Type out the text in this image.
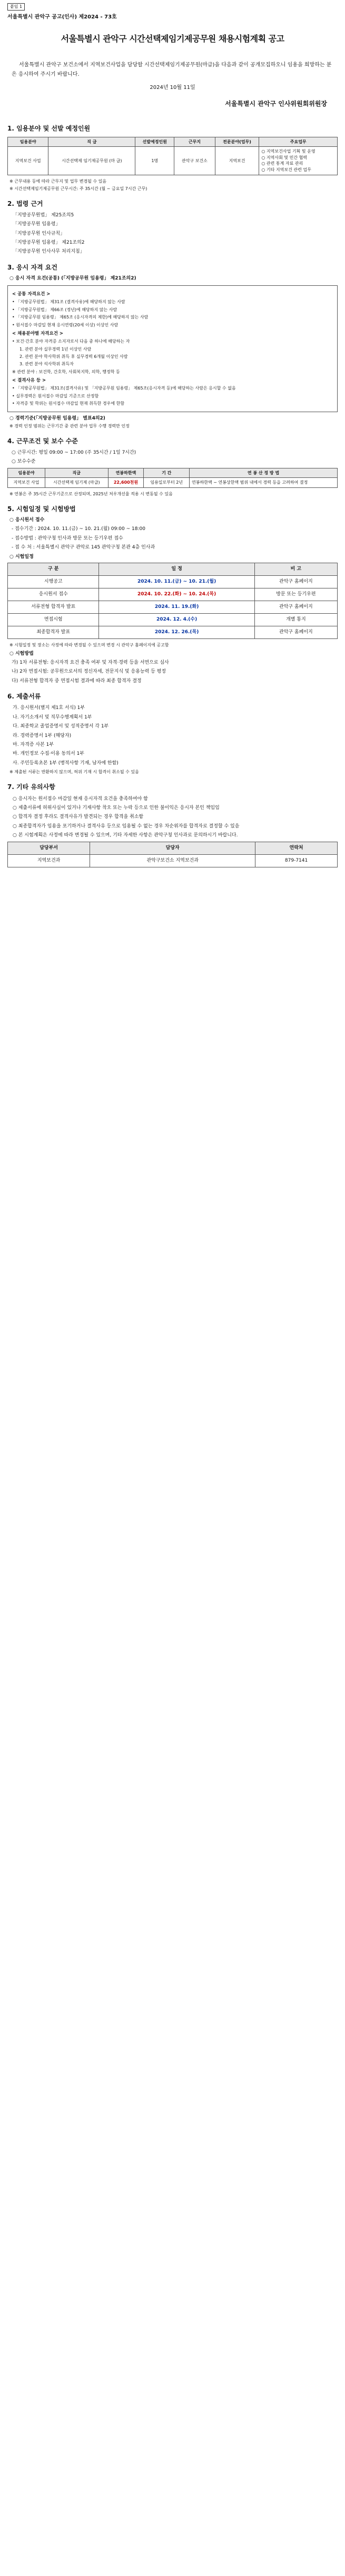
붙임 1
서울특별시 관악구 공고(인사) 제2024 - 73호
서울특별시 관악구 시간선택제임기제공무원 채용시험계획 공고

서울특별시 관악구 보건소에서 지역보건사업을 담당할 시간선택제임기제공무원(마급)을 다음과 같이 공개모집하오니 임용을 희망하는 분은 응시하여 주시기 바랍니다.

2024년 10월 11일
서울특별시 관악구 인사위원회위원장
1. 임용분야 및 선발 예정인원
임용분야	직 급	선발예정인원	근무지	전문분야(업무)	주요업무
지역보건 사업	시간선택제 임기제공무원 (마 급)	1명	관악구 보건소	지역보건	○ 지역보건사업 기획 및 운영
○ 지역사회 및 민간 협력
○ 관련 통계 자료 관리
○ 기타 지역보건 관련 업무

※ 근무내용 등에 따라 근무지 및 업무 변경될 수 있음

※ 시간선택제임기제공무원 근무시간: 주 35시간 (월 ~ 금요일 7시간 근무)

2. 법령 근거
「지방공무원법」 제25조의5
「지방공무원 임용령」
「지방공무원 인사규칙」
「지방공무원 임용령」 제21조의2
「지방공무원 인사사무 처리지침」
3. 응시 자격 요건

○ 응시 자격 요건(공통) (「지방공무원 임용령」 제21조의2)

< 공통 자격요건 >

• 「지방공무원법」 제31조 (결격사유)에 해당하지 않는 사람

• 「지방공무원법」 제66조 (정년)에 해당하지 않는 사람

• 「지방공무원 임용령」 제65조 (응시자격의 제한)에 해당하지 않는 사람

• 원서접수 마감일 현재 응시연령(20세 이상) 이상인 사람

< 채용분야별 자격요건 >

• 보건·간호 분야 자격증 소지자로서 다음 중 하나에 해당하는 자

1. 관련 분야 실무경력 1년 이상인 사람

2. 관련 분야 학사학위 취득 후 실무경력 6개월 이상인 사람

3. 관련 분야 석사학위 취득자

※ 관련 분야 : 보건학, 간호학, 사회복지학, 의학, 행정학 등

< 결격사유 등 >

• 「지방공무원법」 제31조(결격사유) 및 「지방공무원 임용령」 제65조(응시자격 등)에 해당하는 사람은 응시할 수 없음

• 실무경력은 원서접수 마감일 기준으로 산정함

• 자격증 및 학위는 원서접수 마감일 현재 취득한 경우에 한함

○ 경력기준(「지방공무원 임용령」 별표4의2)

※ 경력 인정 범위는 근무기간 중 관련 분야 업무 수행 경력만 인정

4. 근무조건 및 보수 수준

○ 근무시간: 평일 09:00 ~ 17:00 (주 35시간 / 1일 7시간)

○ 보수수준

임용분야	직급	연봉하한액	기 간	연 봉 산 정 방 법
지역보건 사업	시간선택제 임기제 (마급)	22,600천원	임용일로부터 2년	연봉하한액 ~ 연봉상한액 범위 내에서 경력 등을 고려하여 결정

※ 연봉은 주 35시간 근무기준으로 산정되며, 2025년 처우개선율 적용 시 변동될 수 있음

5. 시험일정 및 시험방법

○ 응시원서 접수

- 접수기간 : 2024. 10. 11.(금) ~ 10. 21.(월) 09:00 ~ 18:00

- 접수방법 : 관악구청 인사과 방문 또는 등기우편 접수

- 접 수 처 : 서울특별시 관악구 관악로 145 관악구청 본관 4층 인사과

○ 시험일정

구 분	일 정	비 고
시행공고	2024. 10. 11.(금) ~ 10. 21.(월)	관악구 홈페이지
응시원서 접수	2024. 10. 22.(화) ~ 10. 24.(목)	방문 또는 등기우편
서류전형 합격자 발표	2024. 11. 19.(화)	관악구 홈페이지
면접시험	2024. 12. 4.(수)	개별 통지
최종합격자 발표	2024. 12. 26.(목)	관악구 홈페이지

※ 시험일정 및 장소는 사정에 따라 변경될 수 있으며 변경 시 관악구 홈페이지에 공고함

○ 시험방법

가) 1차 서류전형: 응시자격 요건 충족 여부 및 자격·경력 등을 서면으로 심사

나) 2차 면접시험: 공무원으로서의 정신자세, 전문지식 및 응용능력 등 평정

다) 서류전형 합격자 중 면접시험 결과에 따라 최종 합격자 결정

6. 제출서류
가. 응시원서(별지 제1호 서식) 1부
나. 자기소개서 및 직무수행계획서 1부
다. 최종학교 졸업증명서 및 성적증명서 각 1부
라. 경력증명서 1부 (해당자)
마. 자격증 사본 1부
바. 개인정보 수집·이용 동의서 1부
사. 주민등록초본 1부 (병적사항 기재, 남자에 한함)

※ 제출된 서류는 반환하지 않으며, 허위 기재 시 합격이 취소될 수 있음

7. 기타 유의사항
○ 응시자는 원서접수 마감일 현재 응시자격 요건을 충족하여야 함
○ 제출서류에 허위사실이 있거나 기재사항 착오 또는 누락 등으로 인한 불이익은 응시자 본인 책임임
○ 합격자 결정 후라도 결격사유가 발견되는 경우 합격을 취소함
○ 최종합격자가 임용을 포기하거나 결격사유 등으로 임용될 수 없는 경우 차순위자를 합격자로 결정할 수 있음
○ 본 시험계획은 사정에 따라 변경될 수 있으며, 기타 자세한 사항은 관악구청 인사과로 문의하시기 바랍니다.
담당부서	담당자	연락처
지역보건과	관악구보건소 지역보건과	879-7141
